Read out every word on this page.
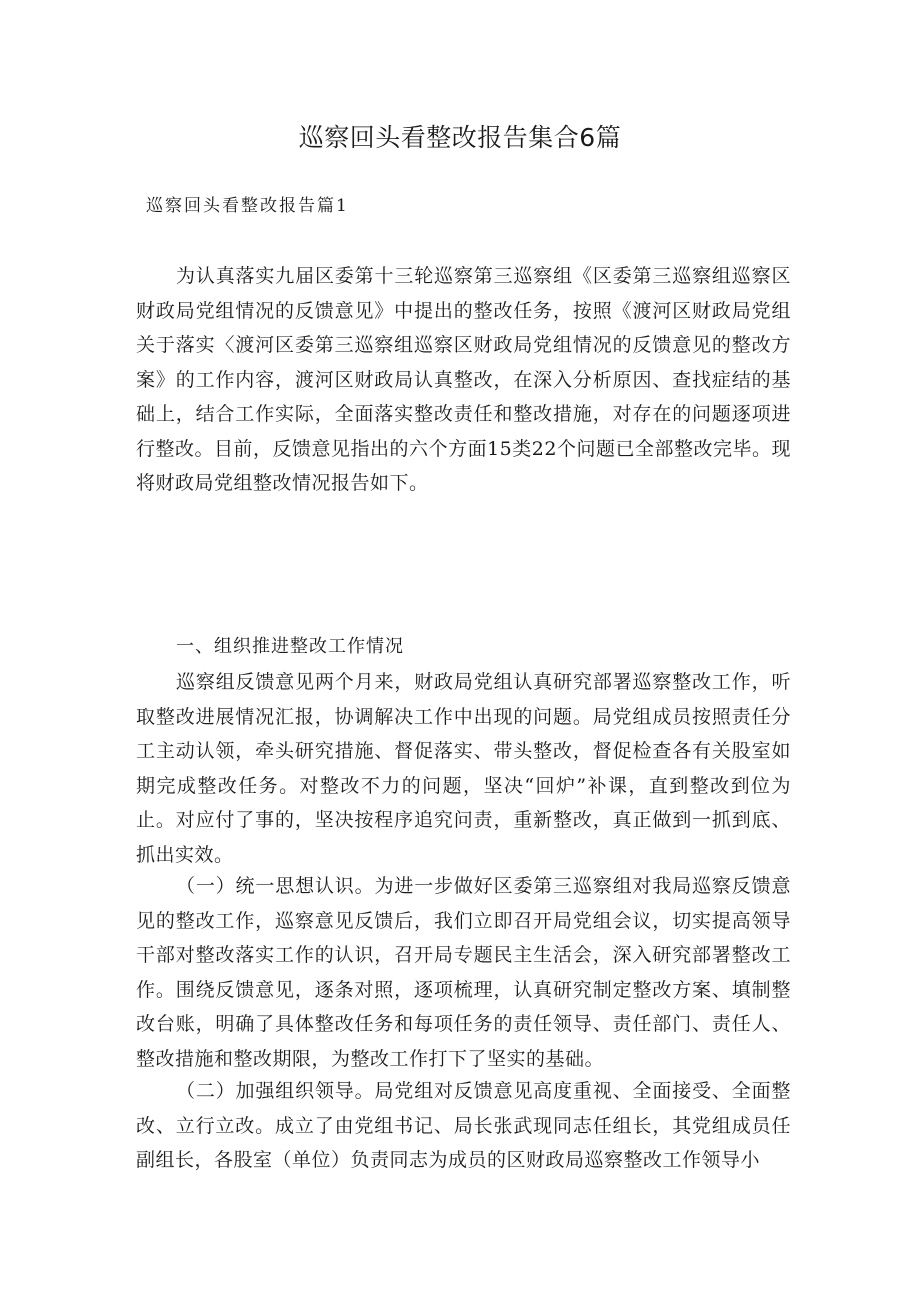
巡察回头看整改报告集合6篇
巡察回头看整改报告篇1

为认真落实九届区委第十三轮巡察第三巡察组《区委第三巡察组巡察区财政局党组情况的反馈意见》中提出的整改任务，按照《渡河区财政局党组关于落实〈渡河区委第三巡察组巡察区财政局党组情况的反馈意见的整改方案》的工作内容，渡河区财政局认真整改，在深入分析原因、查找症结的基础上，结合工作实际，全面落实整改责任和整改措施，对存在的问题逐项进行整改。目前，反馈意见指出的六个方面15类22个问题已全部整改完毕。现将财政局党组整改情况报告如下。

一、组织推进整改工作情况

巡察组反馈意见两个月来，财政局党组认真研究部署巡察整改工作，听取整改进展情况汇报，协调解决工作中出现的问题。局党组成员按照责任分工主动认领，牵头研究措施、督促落实、带头整改，督促检查各有关股室如期完成整改任务。对整改不力的问题，坚决“回炉”补课，直到整改到位为止。对应付了事的，坚决按程序追究问责，重新整改，真正做到一抓到底、抓出实效。

（一）统一思想认识。为进一步做好区委第三巡察组对我局巡察反馈意见的整改工作，巡察意见反馈后，我们立即召开局党组会议，切实提高领导干部对整改落实工作的认识，召开局专题民主生活会，深入研究部署整改工作。围绕反馈意见，逐条对照，逐项梳理，认真研究制定整改方案、填制整改台账，明确了具体整改任务和每项任务的责任领导、责任部门、责任人、整改措施和整改期限，为整改工作打下了坚实的基础。

（二）加强组织领导。局党组对反馈意见高度重视、全面接受、全面整改、立行立改。成立了由党组书记、局长张武现同志任组长，其党组成员任副组长，各股室（单位）负责同志为成员的区财政局巡察整改工作领导小
